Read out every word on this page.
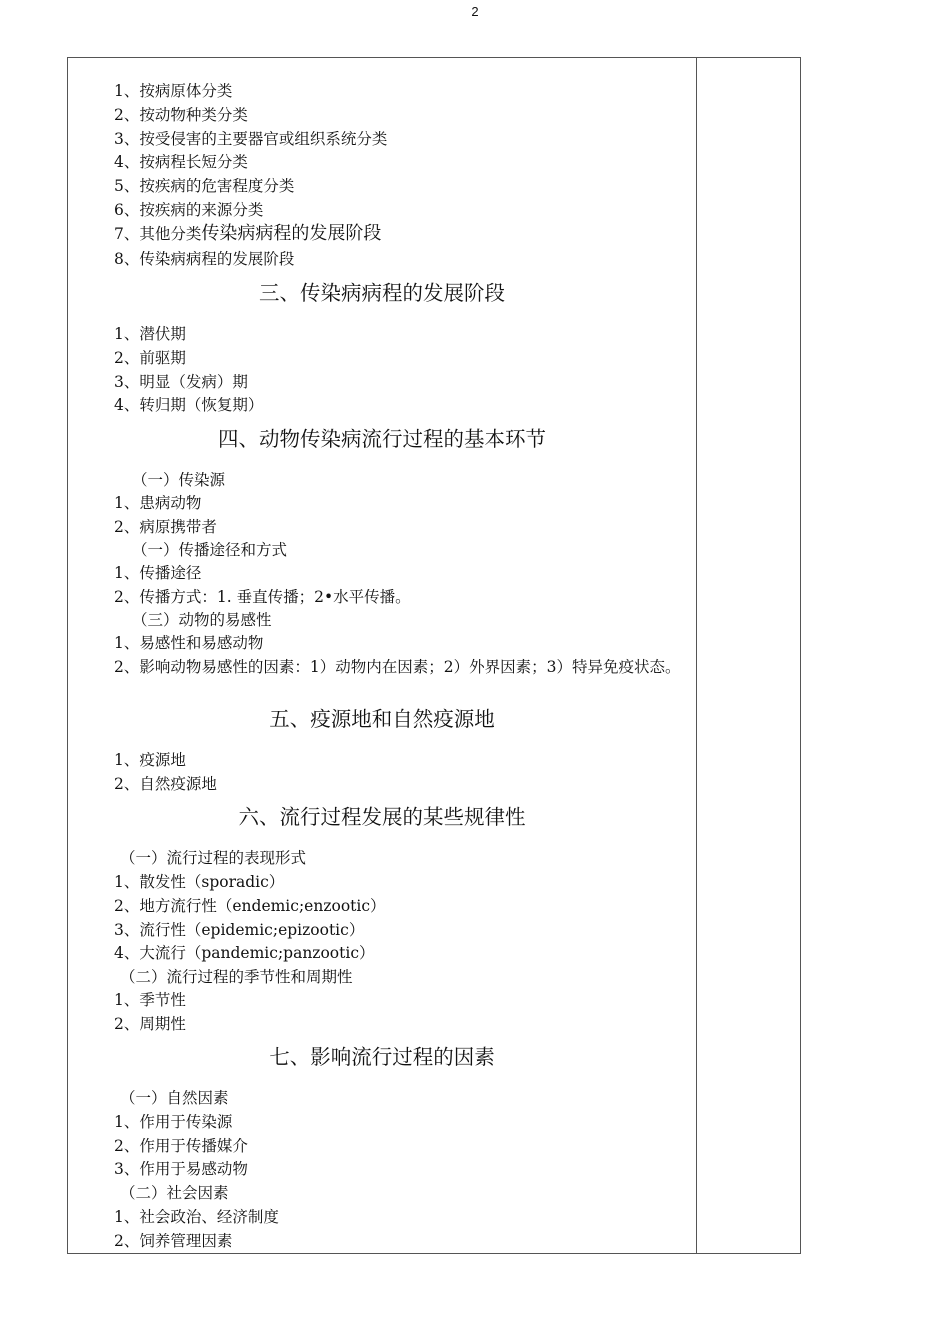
2
1、按病原体分类
2、按动物种类分类
3、按受侵害的主要器官或组织系统分类
4、按病程长短分类
5、按疾病的危害程度分类
6、按疾病的来源分类
7、其他分类传染病病程的发展阶段
8、传染病病程的发展阶段
三、传染病病程的发展阶段
1、潜伏期
2、前驱期
3、明显（发病）期
4、转归期（恢复期）
四、动物传染病流行过程的基本环节
（一）传染源
1、患病动物
2、病原携带者
（一）传播途径和方式
1、传播途径
2、传播方式：1. 垂直传播；2•水平传播。
（三）动物的易感性
1、易感性和易感动物
2、影响动物易感性的因素：1）动物内在因素；2）外界因素；3）特异免疫状态。
五、疫源地和自然疫源地
1、疫源地
2、自然疫源地
六、流行过程发展的某些规律性
（一）流行过程的表现形式
1、散发性（sporadic）
2、地方流行性（endemic;enzootic）
3、流行性（epidemic;epizootic）
4、大流行（pandemic;panzootic）
（二）流行过程的季节性和周期性
1、季节性
2、周期性
七、影响流行过程的因素
（一）自然因素
1、作用于传染源
2、作用于传播媒介
3、作用于易感动物
（二）社会因素
1、社会政治、经济制度
2、饲养管理因素
